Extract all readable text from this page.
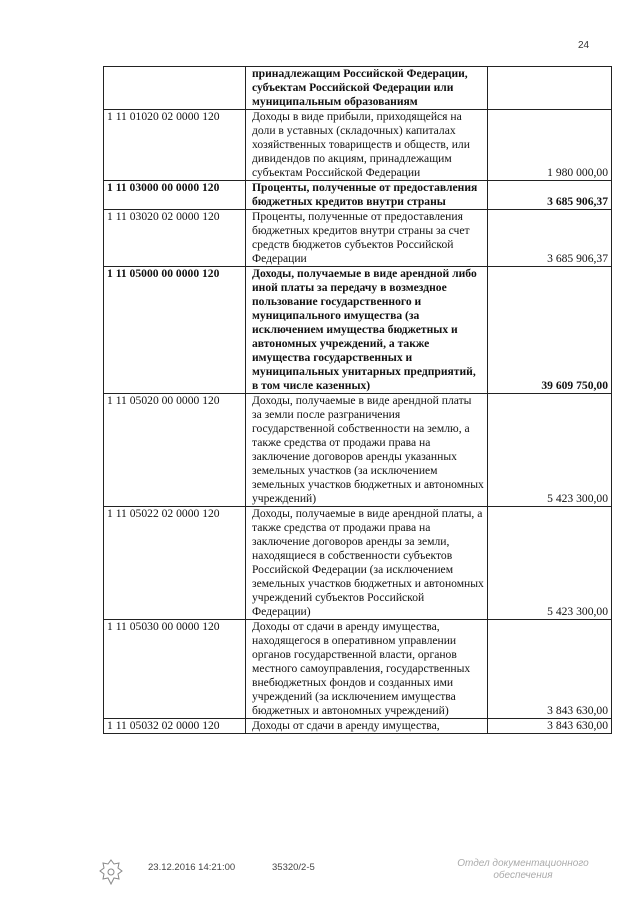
24
	принадлежащим Российской Федерации, субъектам Российской Федерации или муниципальным образованиям	
1 11 01020 02 0000 120	Доходы в виде прибыли, приходящейся на доли в уставных (складочных) капиталах хозяйственных товариществ и обществ, или дивидендов по акциям, принадлежащим субъектам Российской Федерации	1 980 000,00
1 11 03000 00 0000 120	Проценты, полученные от предоставления бюджетных кредитов внутри страны	3 685 906,37
1 11 03020 02 0000 120	Проценты, полученные от предоставления бюджетных кредитов внутри страны за счет средств бюджетов субъектов Российской Федерации	3 685 906,37
1 11 05000 00 0000 120	Доходы, получаемые в виде арендной либо иной платы за передачу в возмездное пользование государственного и муниципального имущества (за исключением имущества бюджетных и автономных учреждений, а также имущества государственных и муниципальных унитарных предприятий, в том числе казенных)	39 609 750,00
1 11 05020 00 0000 120	Доходы, получаемые в виде арендной платы за земли после разграничения государственной собственности на землю, а также средства от продажи права на заключение договоров аренды указанных земельных участков (за исключением земельных участков бюджетных и автономных учреждений)	5 423 300,00
1 11 05022 02 0000 120	Доходы, получаемые в виде арендной платы, а также средства от продажи права на заключение договоров аренды за земли, находящиеся в собственности субъектов Российской Федерации (за исключением земельных участков бюджетных и автономных учреждений субъектов Российской Федерации)	5 423 300,00
1 11 05030 00 0000 120	Доходы от сдачи в аренду имущества, находящегося в оперативном управлении органов государственной власти, органов местного самоуправления, государственных внебюджетных фондов и созданных ими учреждений (за исключением имущества бюджетных и автономных учреждений)	3 843 630,00
1 11 05032 02 0000 120	Доходы от сдачи в аренду имущества,	3 843 630,00
23.12.2016 14:21:00	35320/2-5	Отдел документационного обеспечения
